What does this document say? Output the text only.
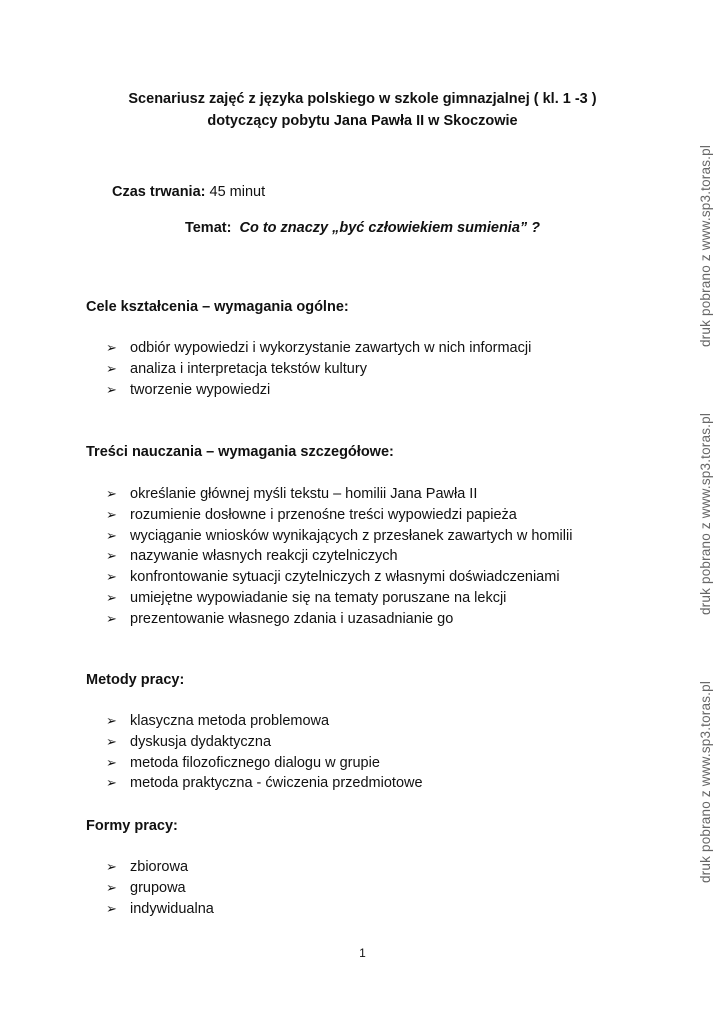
Scenariusz zajęć z języka polskiego w szkole gimnazjalnej ( kl. 1 -3 )
dotyczący pobytu Jana Pawła II w Skoczowie
Czas trwania: 45 minut
Temat: Co to znaczy „być człowiekiem sumienia” ?
Cele kształcenia – wymagania ogólne:
➢ odbiór wypowiedzi i wykorzystanie zawartych w nich informacji
➢ analiza i interpretacja tekstów kultury
➢ tworzenie wypowiedzi
Treści nauczania – wymagania szczegółowe:
➢ określanie głównej myśli tekstu – homilii Jana Pawła II
➢ rozumienie dosłowne i przenośne treści wypowiedzi papieża
➢ wyciąganie wniosków wynikających z przesłanek zawartych w homilii
➢ nazywanie własnych reakcji czytelniczych
➢ konfrontowanie sytuacji czytelniczych z własnymi doświadczeniami
➢ umiejętne wypowiadanie się na tematy poruszane na lekcji
➢ prezentowanie własnego zdania i uzasadnianie go
Metody pracy:
➢ klasyczna metoda problemowa
➢ dyskusja dydaktyczna
➢ metoda filozoficznego dialogu w grupie
➢ metoda praktyczna - ćwiczenia przedmiotowe
Formy pracy:
➢ zbiorowa
➢ grupowa
➢ indywidualna
1
druk pobrano z www.sp3.toras.pl
druk pobrano z www.sp3.toras.pl
druk pobrano z www.sp3.toras.pl
